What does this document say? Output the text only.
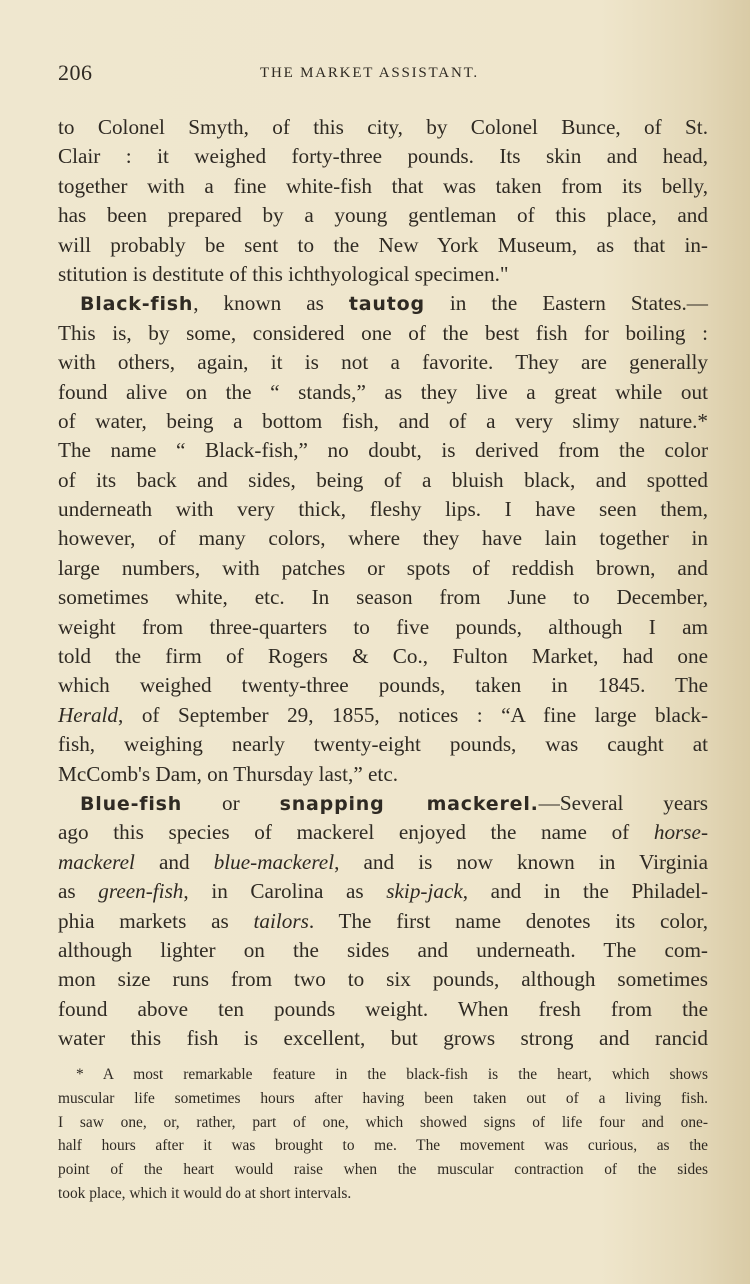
206	THE MARKET ASSISTANT.
to Colonel Smyth, of this city, by Colonel Bunce, of St.
Clair : it weighed forty-three pounds. Its skin and head,
together with a fine white-fish that was taken from its belly,
has been prepared by a young gentleman of this place, and
will probably be sent to the New York Museum, as that in-
stitution is destitute of this ichthyological specimen."
Black-fish, known as tautog in the Eastern States.—
This is, by some, considered one of the best fish for boiling :
with others, again, it is not a favorite. They are generally
found alive on the “ stands,” as they live a great while out
of water, being a bottom fish, and of a very slimy nature.*
The name “ Black-fish,” no doubt, is derived from the color
of its back and sides, being of a bluish black, and spotted
underneath with very thick, fleshy lips. I have seen them,
however, of many colors, where they have lain together in
large numbers, with patches or spots of reddish brown, and
sometimes white, etc. In season from June to December,
weight from three-quarters to five pounds, although I am
told the firm of Rogers & Co., Fulton Market, had one
which weighed twenty-three pounds, taken in 1845. The
Herald, of September 29, 1855, notices : “A fine large black-
fish, weighing nearly twenty-eight pounds, was caught at
McComb's Dam, on Thursday last,” etc.
Blue-fish or snapping mackerel.—Several years
ago this species of mackerel enjoyed the name of horse-
mackerel and blue-mackerel, and is now known in Virginia
as green-fish, in Carolina as skip-jack, and in the Philadel-
phia markets as tailors. The first name denotes its color,
although lighter on the sides and underneath. The com-
mon size runs from two to six pounds, although sometimes
found above ten pounds weight. When fresh from the
water this fish is excellent, but grows strong and rancid
* A most remarkable feature in the black-fish is the heart, which shows
muscular life sometimes hours after having been taken out of a living fish.
I saw one, or, rather, part of one, which showed signs of life four and one-
half hours after it was brought to me. The movement was curious, as the
point of the heart would raise when the muscular contraction of the sides
took place, which it would do at short intervals.
